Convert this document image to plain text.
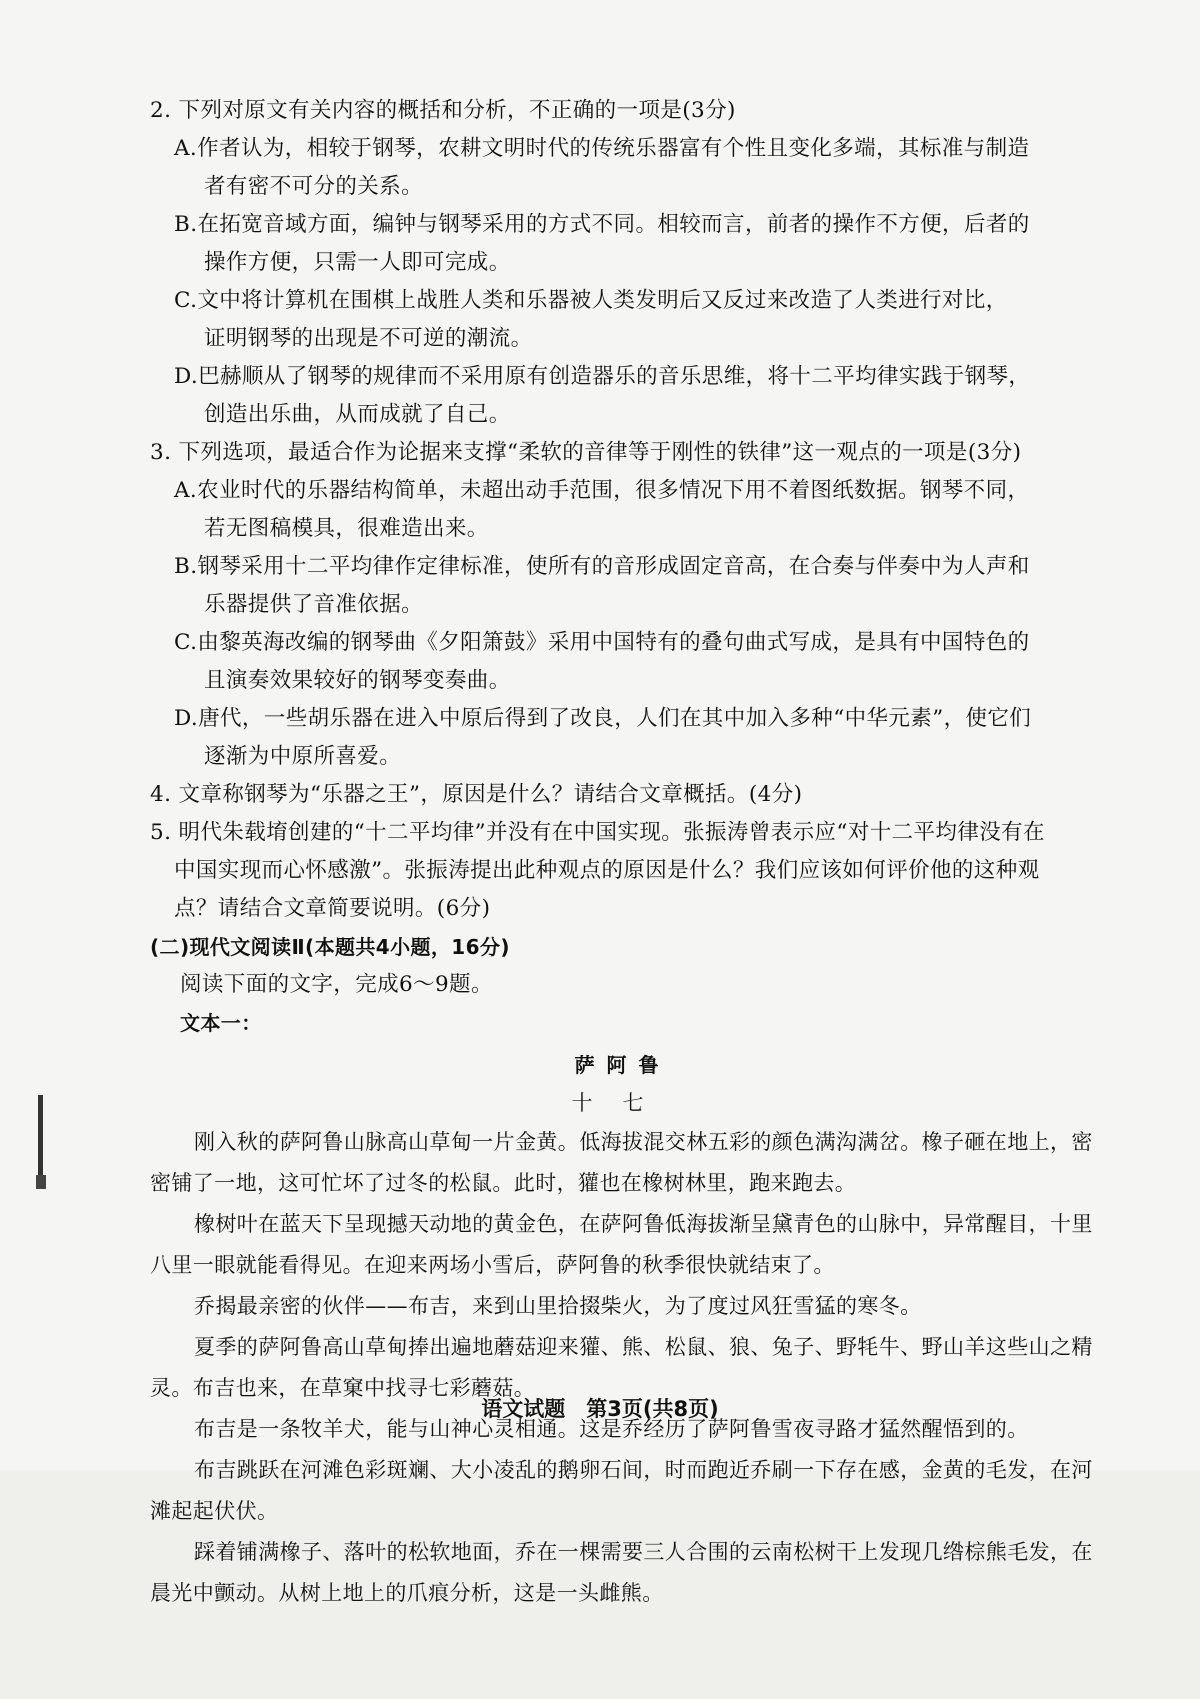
2. 下列对原文有关内容的概括和分析，不正确的一项是(3分)

A.作者认为，相较于钢琴，农耕文明时代的传统乐器富有个性且变化多端，其标准与制造

者有密不可分的关系。

B.在拓宽音域方面，编钟与钢琴采用的方式不同。相较而言，前者的操作不方便，后者的

操作方便，只需一人即可完成。

C.文中将计算机在围棋上战胜人类和乐器被人类发明后又反过来改造了人类进行对比，

证明钢琴的出现是不可逆的潮流。

D.巴赫顺从了钢琴的规律而不采用原有创造器乐的音乐思维，将十二平均律实践于钢琴，

创造出乐曲，从而成就了自己。

3. 下列选项，最适合作为论据来支撑“柔软的音律等于刚性的铁律”这一观点的一项是(3分)

A.农业时代的乐器结构简单，未超出动手范围，很多情况下用不着图纸数据。钢琴不同，

若无图稿模具，很难造出来。

B.钢琴采用十二平均律作定律标准，使所有的音形成固定音高，在合奏与伴奏中为人声和

乐器提供了音准依据。

C.由黎英海改编的钢琴曲《夕阳箫鼓》采用中国特有的叠句曲式写成，是具有中国特色的

且演奏效果较好的钢琴变奏曲。

D.唐代，一些胡乐器在进入中原后得到了改良，人们在其中加入多种“中华元素”，使它们

逐渐为中原所喜爱。

4. 文章称钢琴为“乐器之王”，原因是什么？请结合文章概括。(4分)

5. 明代朱载堉创建的“十二平均律”并没有在中国实现。张振涛曾表示应“对十二平均律没有在

中国实现而心怀感激”。张振涛提出此种观点的原因是什么？我们应该如何评价他的这种观

点？请结合文章简要说明。(6分)

(二)现代文阅读Ⅱ(本题共4小题，16分)

阅读下面的文字，完成6～9题。

文本一：

萨阿鲁

十七

刚入秋的萨阿鲁山脉高山草甸一片金黄。低海拔混交林五彩的颜色满沟满岔。橡子砸在地上，密密铺了一地，这可忙坏了过冬的松鼠。此时，獾也在橡树林里，跑来跑去。

橡树叶在蓝天下呈现撼天动地的黄金色，在萨阿鲁低海拔渐呈黛青色的山脉中，异常醒目，十里八里一眼就能看得见。在迎来两场小雪后，萨阿鲁的秋季很快就结束了。

乔揭最亲密的伙伴——布吉，来到山里拾掇柴火，为了度过风狂雪猛的寒冬。

夏季的萨阿鲁高山草甸捧出遍地蘑菇迎来獾、熊、松鼠、狼、兔子、野牦牛、野山羊这些山之精灵。布吉也来，在草窠中找寻七彩蘑菇。

布吉是一条牧羊犬，能与山神心灵相通。这是乔经历了萨阿鲁雪夜寻路才猛然醒悟到的。

布吉跳跃在河滩色彩斑斓、大小凌乱的鹅卵石间，时而跑近乔刷一下存在感，金黄的毛发，在河滩起起伏伏。

踩着铺满橡子、落叶的松软地面，乔在一棵需要三人合围的云南松树干上发现几绺棕熊毛发，在晨光中颤动。从树上地上的爪痕分析，这是一头雌熊。

语文试题　第3页(共8页)
